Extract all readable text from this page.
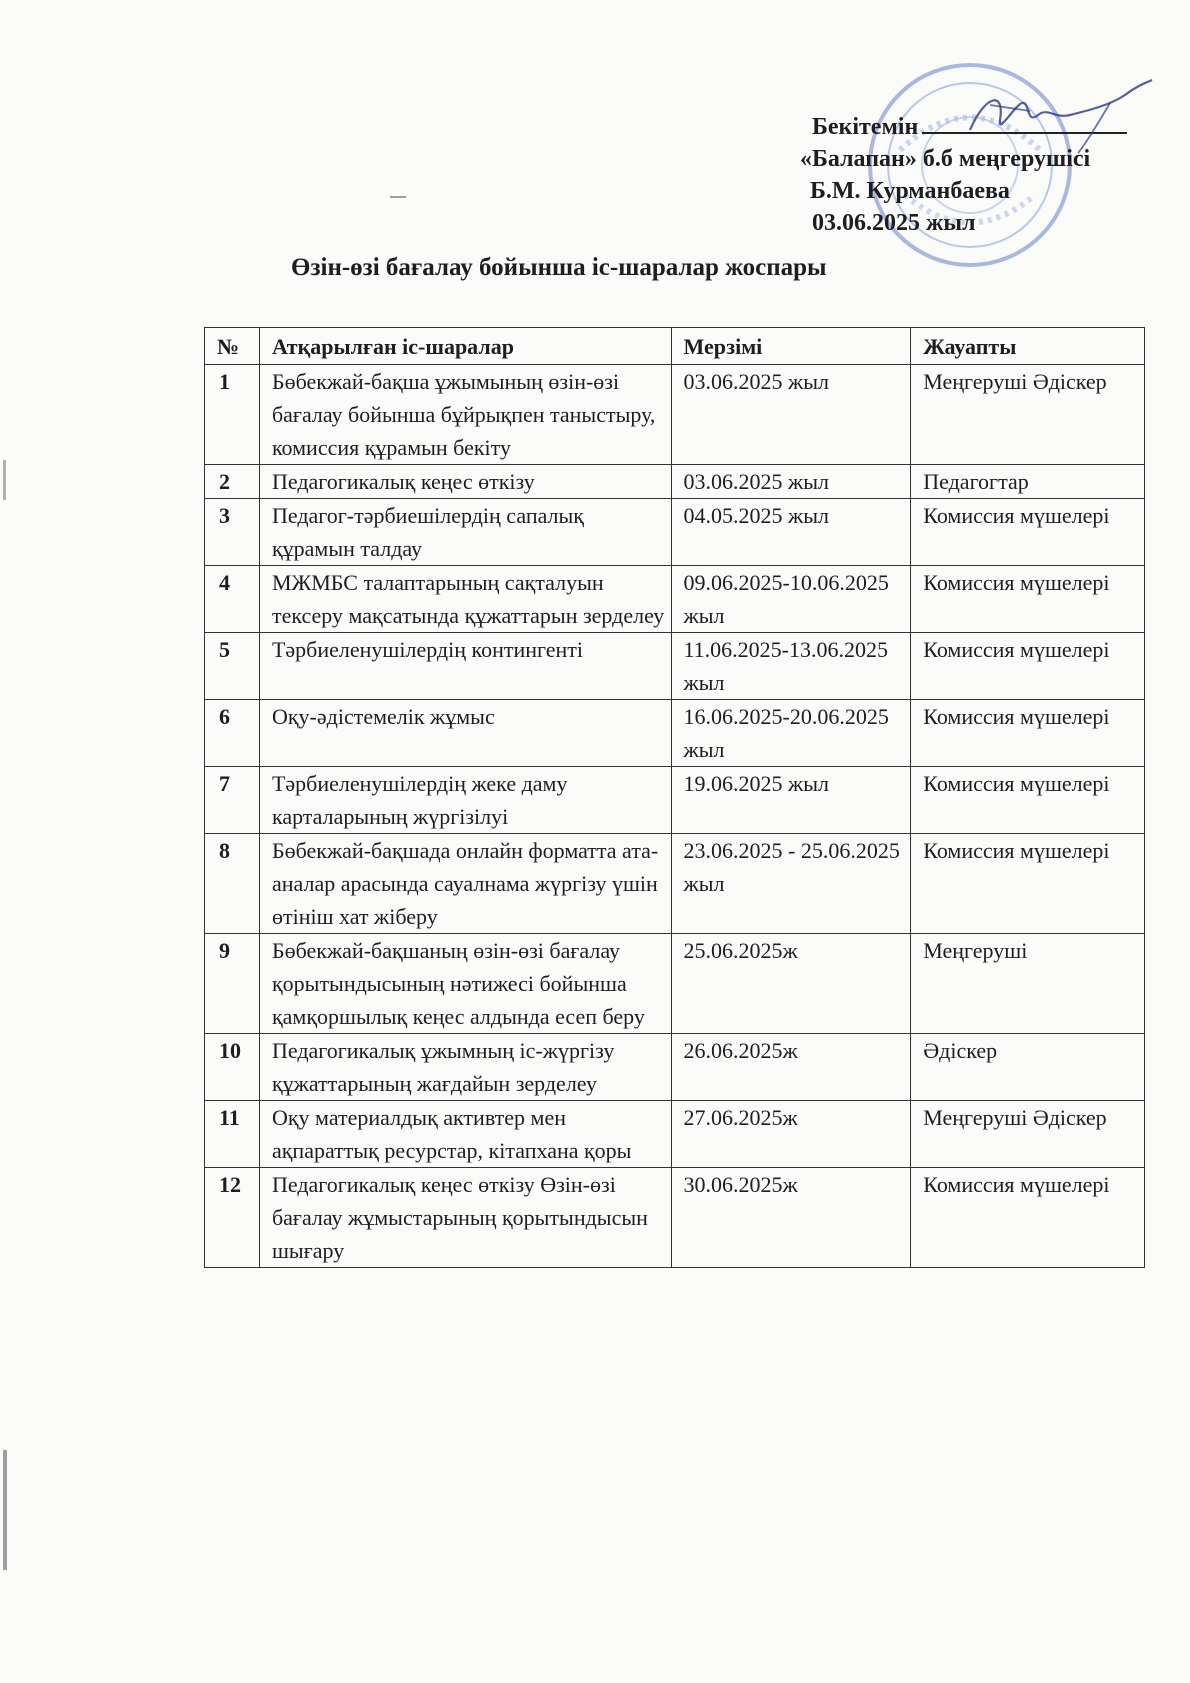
Бекітемін
«Балапан» б.б меңгерушісі
Б.М. Курманбаева
03.06.2025 жыл
Өзін-өзі бағалау бойынша іс-шаралар жоспары
№	Атқарылған іс-шаралар	Мерзімі	Жауапты
1	Бөбекжай-бақша ұжымының өзін-өзі бағалау бойынша бұйрықпен таныстыру, комиссия құрамын бекіту	03.06.2025 жыл	Меңгеруші Әдіскер
2	Педагогикалық кеңес өткізу	03.06.2025 жыл	Педагогтар
3	Педагог-тәрбиешілердің сапалық құрамын талдау	04.05.2025 жыл	Комиссия мүшелері
4	МЖМБС талаптарының сақталуын тексеру мақсатында құжаттарын зерделеу	09.06.2025-10.06.2025 жыл	Комиссия мүшелері
5	Тәрбиеленушілердің контингенті	11.06.2025-13.06.2025 жыл	Комиссия мүшелері
6	Оқу-әдістемелік жұмыс	16.06.2025-20.06.2025 жыл	Комиссия мүшелері
7	Тәрбиеленушілердің жеке даму карталарының жүргізілуі	19.06.2025 жыл	Комиссия мүшелері
8	Бөбекжай-бақшада онлайн форматта ата-аналар арасында сауалнама жүргізу үшін өтініш хат жіберу	23.06.2025 - 25.06.2025 жыл	Комиссия мүшелері
9	Бөбекжай-бақшаның өзін-өзі бағалау қорытындысының нәтижесі бойынша қамқоршылық кеңес алдында есеп беру	25.06.2025ж	Меңгеруші
10	Педагогикалық ұжымның іс-жүргізу құжаттарының жағдайын зерделеу	26.06.2025ж	Әдіскер
11	Оқу материалдық активтер мен ақпараттық ресурстар, кітапхана қоры	27.06.2025ж	Меңгеруші Әдіскер
12	Педагогикалық кеңес өткізу Өзін-өзі бағалау жұмыстарының қорытындысын шығару	30.06.2025ж	Комиссия мүшелері
